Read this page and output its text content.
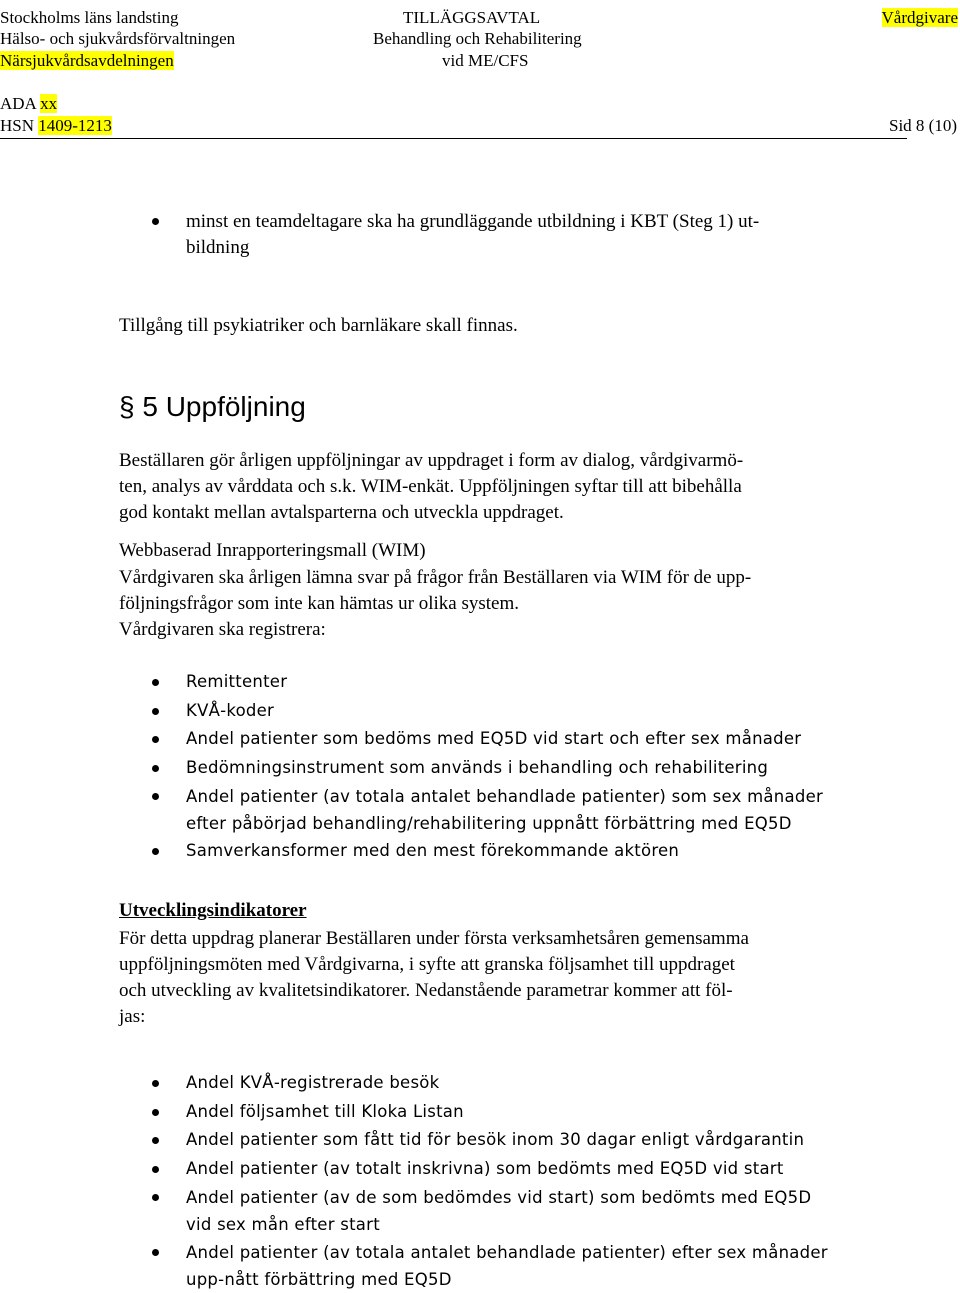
Stockholms läns landsting
Hälso- och sjukvårdsförvaltningen
Närsjukvårdsavdelningen
TILLÄGGSAVTAL
Behandling och Rehabilitering
vid ME/CFS
Vårdgivare
ADA xx
HSN 1409-1213	Sid 8 (10)
minst en teamdeltagare ska ha grundläggande utbildning i KBT (Steg 1) ut-
bildning
Tillgång till psykiatriker och barnläkare skall finnas.
§ 5 Uppföljning
Beställaren gör årligen uppföljningar av uppdraget i form av dialog, vårdgivarmö-
ten, analys av vårddata och s.k. WIM-enkät. Uppföljningen syftar till att bibehålla
god kontakt mellan avtalsparterna och utveckla uppdraget.
Webbaserad Inrapporteringsmall (WIM)
Vårdgivaren ska årligen lämna svar på frågor från Beställaren via WIM för de upp-
följningsfrågor som inte kan hämtas ur olika system.
Vårdgivaren ska registrera:
Remittenter
KVÅ-koder
Andel patienter som bedöms med EQ5D vid start och efter sex månader
Bedömningsinstrument som används i behandling och rehabilitering
Andel patienter (av totala antalet behandlade patienter) som sex månader
efter påbörjad behandling/rehabilitering uppnått förbättring med EQ5D
Samverkansformer med den mest förekommande aktören
Utvecklingsindikatorer
För detta uppdrag planerar Beställaren under första verksamhetsåren gemensamma
uppföljningsmöten med Vårdgivarna, i syfte att granska följsamhet till uppdraget
och utveckling av kvalitetsindikatorer. Nedanstående parametrar kommer att föl-
jas:
Andel KVÅ-registrerade besök
Andel följsamhet till Kloka Listan
Andel patienter som fått tid för besök inom 30 dagar enligt vårdgarantin
Andel patienter (av totalt inskrivna) som bedömts med EQ5D vid start
Andel patienter (av de som bedömdes vid start) som bedömts med EQ5D
vid sex mån efter start
Andel patienter (av totala antalet behandlade patienter) efter sex månader
upp-nått förbättring med EQ5D
